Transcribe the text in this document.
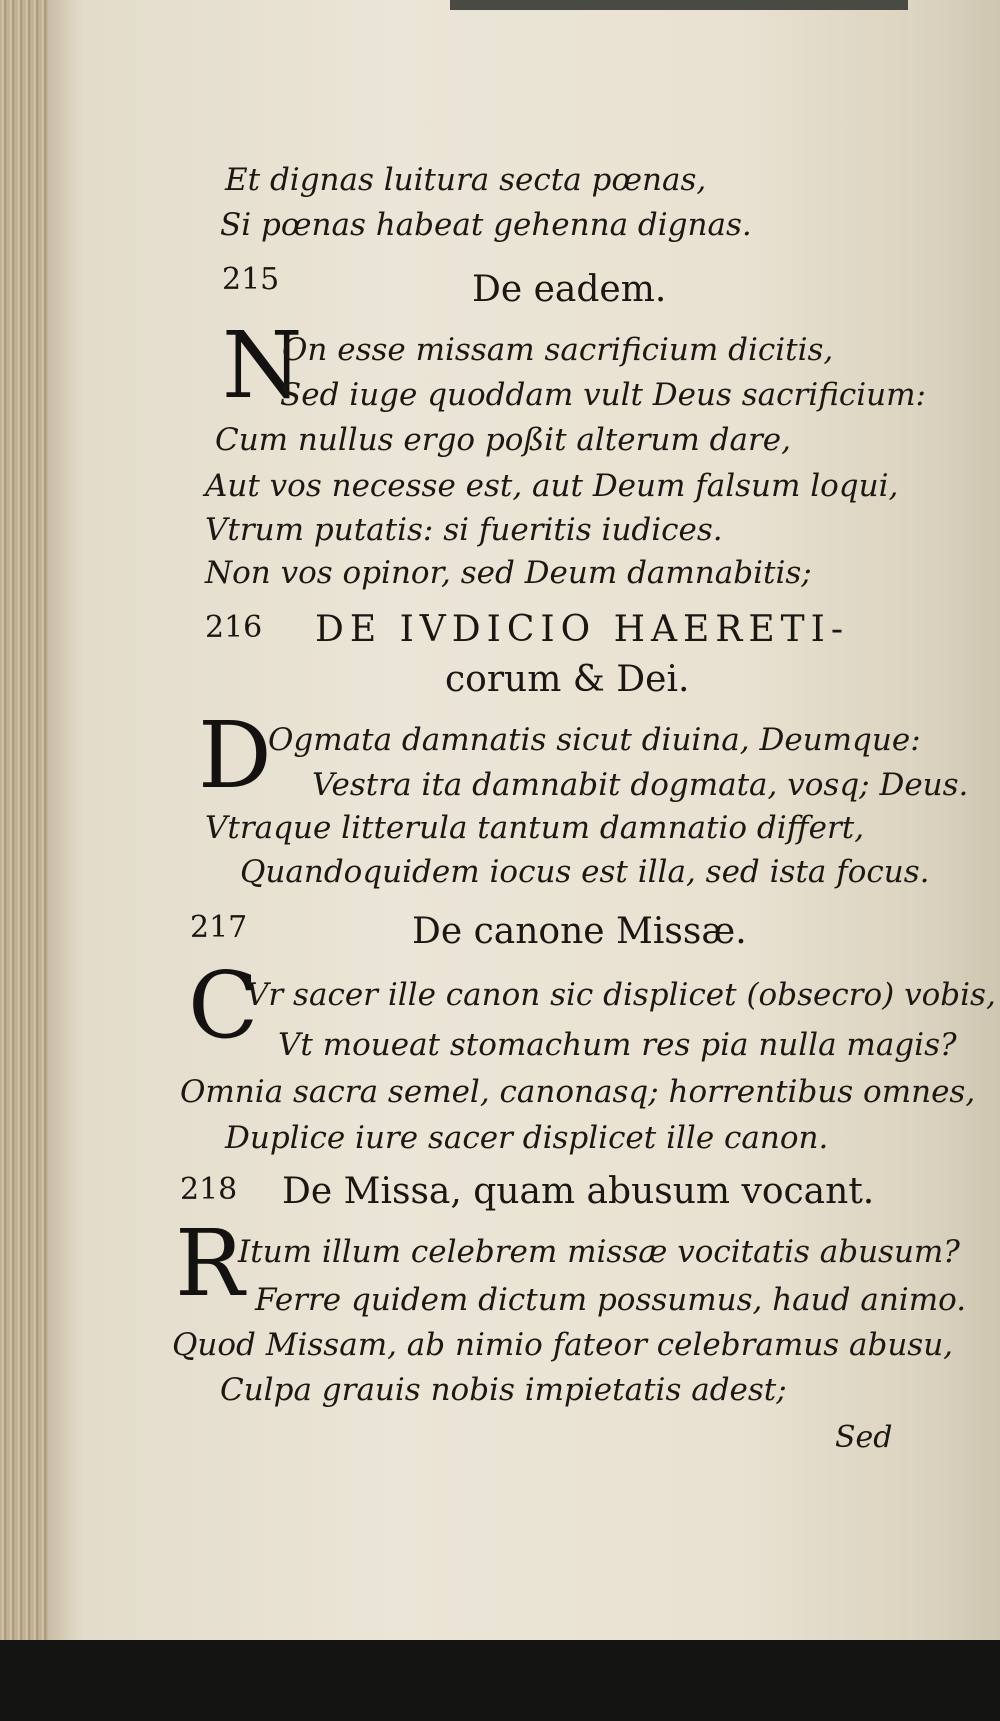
Et dignas luitura secta pœnas,
Si pœnas habeat gehenna dignas.
215	De eadem.
N
On esse missam sacrificium dicitis,
Sed iuge quoddam vult Deus sacrificium:
Cum nullus ergo poßit alterum dare,
Aut vos necesse est, aut Deum falsum loqui,
Vtrum putatis: si fueritis iudices.
Non vos opinor, sed Deum damnabitis;
216 DE IVDICIO HAERETI-
corum & Dei.
D
Ogmata damnatis sicut diuina, Deumque:
Vestra ita damnabit dogmata, vosq; Deus.
Vtraque litterula tantum damnatio differt,
Quandoquidem iocus est illa, sed ista focus.
217	De canone Missæ.
C
Vr sacer ille canon sic displicet (obsecro) vobis,
Vt moueat stomachum res pia nulla magis?
Omnia sacra semel, canonasq; horrentibus omnes,
Duplice iure sacer displicet ille canon.
218 De Missa, quam abusum vocant.
R
Itum illum celebrem missæ vocitatis abusum?
Ferre quidem dictum possumus, haud animo.
Quod Missam, ab nimio fateor celebramus abusu,
Culpa grauis nobis impietatis adest;
Sed
